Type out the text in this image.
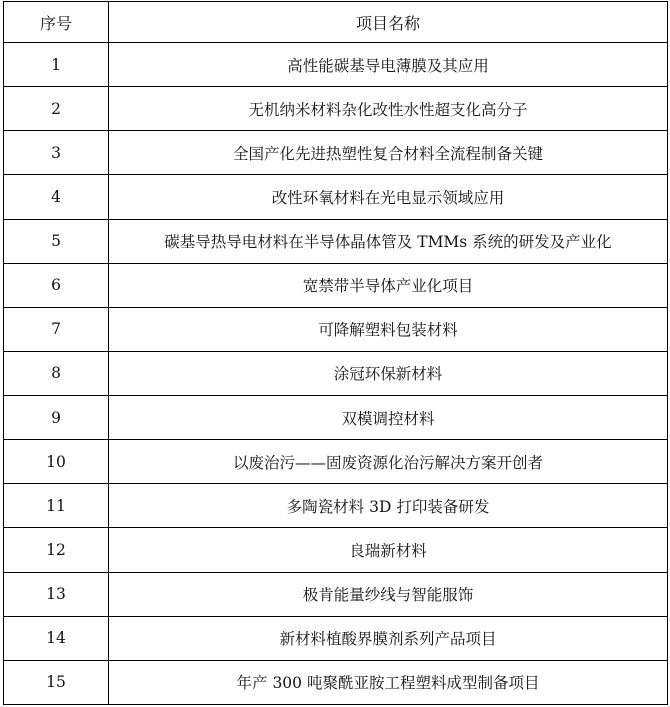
序号	项目名称
1	高性能碳基导电薄膜及其应用
2	无机纳米材料杂化改性水性超支化高分子
3	全国产化先进热塑性复合材料全流程制备关键
4	改性环氧材料在光电显示领域应用
5	碳基导热导电材料在半导体晶体管及 TMMs 系统的研发及产业化
6	宽禁带半导体产业化项目
7	可降解塑料包装材料
8	涂冠环保新材料
9	双模调控材料
10	以废治污——固废资源化治污解决方案开创者
11	多陶瓷材料 3D 打印装备研发
12	良瑞新材料
13	极肯能量纱线与智能服饰
14	新材料植酸界膜剂系列产品项目
15	年产 300 吨聚酰亚胺工程塑料成型制备项目
